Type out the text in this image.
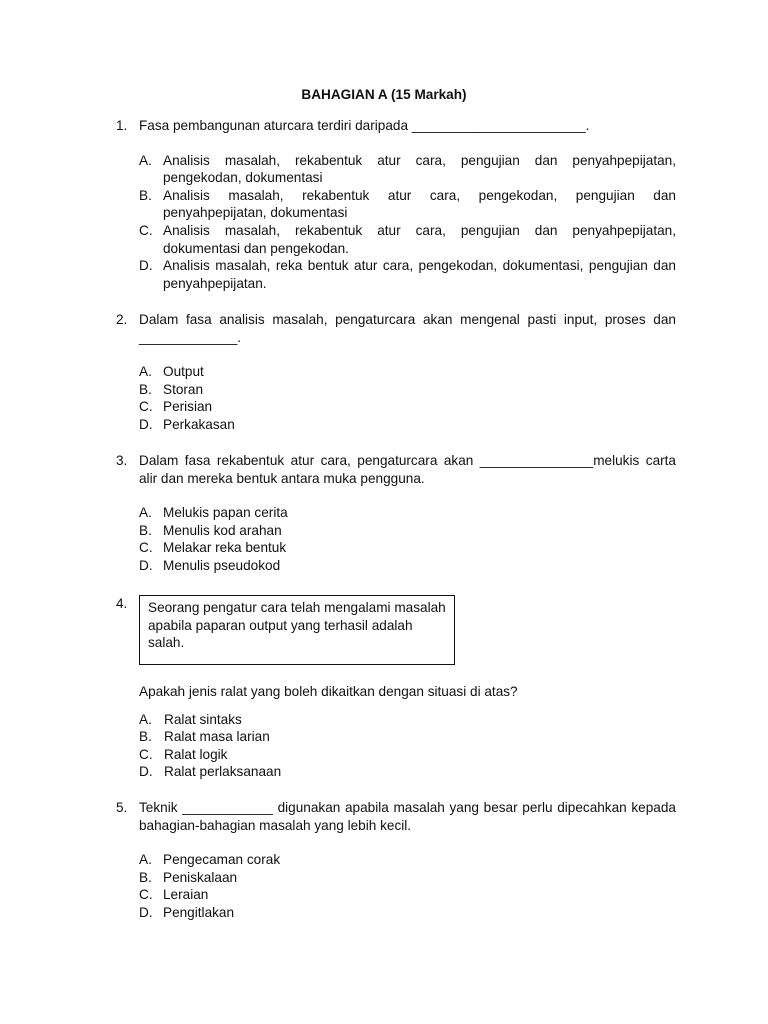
BAHAGIAN A (15 Markah)
1. Fasa pembangunan aturcara terdiri daripada _______________________.
A. Analisis masalah, rekabentuk atur cara, pengujian dan penyahpepijatan, pengekodan, dokumentasi
B. Analisis masalah, rekabentuk atur cara, pengekodan, pengujian dan penyahpepijatan, dokumentasi
C. Analisis masalah, rekabentuk atur cara, pengujian dan penyahpepijatan, dokumentasi dan pengekodan.
D. Analisis masalah, reka bentuk atur cara, pengekodan, dokumentasi, pengujian dan penyahpepijatan.
2. Dalam fasa analisis masalah, pengaturcara akan mengenal pasti input, proses dan _____________.
A. Output
B. Storan
C. Perisian
D. Perkakasan
3. Dalam fasa rekabentuk atur cara, pengaturcara akan _______________melukis carta alir dan mereka bentuk antara muka pengguna.
A. Melukis papan cerita
B. Menulis kod arahan
C. Melakar reka bentuk
D. Menulis pseudokod
4.	Seorang pengatur cara telah mengalami masalah apabila paparan output yang terhasil adalah salah.
Apakah jenis ralat yang boleh dikaitkan dengan situasi di atas?
A. Ralat sintaks
B. Ralat masa larian
C. Ralat logik
D. Ralat perlaksanaan
5. Teknik ____________ digunakan apabila masalah yang besar perlu dipecahkan kepada bahagian-bahagian masalah yang lebih kecil.
A. Pengecaman corak
B. Peniskalaan
C. Leraian
D. Pengitlakan
